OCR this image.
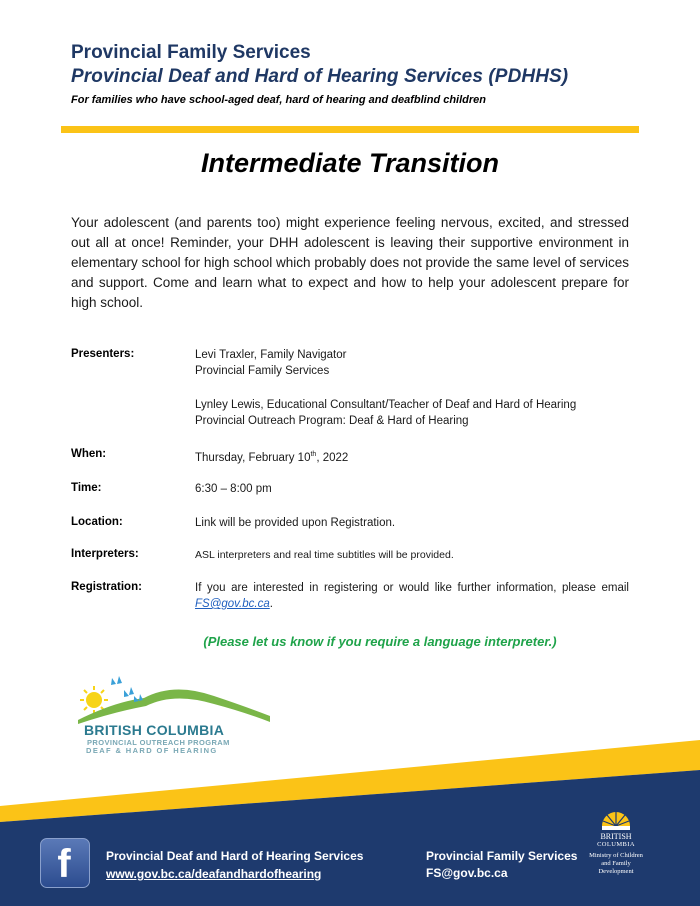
Provincial Family Services
Provincial Deaf and Hard of Hearing Services (PDHHS)
For families who have school-aged deaf, hard of hearing and deafblind children
Intermediate Transition
Your adolescent (and parents too) might experience feeling nervous, excited, and stressed out all at once! Reminder, your DHH adolescent is leaving their supportive environment in elementary school for high school which probably does not provide the same level of services and support. Come and learn what to expect and how to help your adolescent prepare for high school.
Presenters:	Levi Traxler, Family Navigator
Provincial Family Services
Lynley Lewis, Educational Consultant/Teacher of Deaf and Hard of Hearing
Provincial Outreach Program: Deaf & Hard of Hearing
When:	Thursday, February 10th, 2022
Time:	6:30 – 8:00 pm
Location:	Link will be provided upon Registration.
Interpreters:	ASL interpreters and real time subtitles will be provided.
Registration:	If you are interested in registering or would like further information, please email FS@gov.bc.ca.
(Please let us know if you require a language interpreter.)
BRITISH COLUMBIA
PROVINCIAL OUTREACH PROGRAM
DEAF & HARD OF HEARING
f	Provincial Deaf and Hard of Hearing Services
www.gov.bc.ca/deafandhardofhearing
Provincial Family Services
FS@gov.bc.ca
BRITISH
COLUMBIA
Ministry of Children and Family Development
